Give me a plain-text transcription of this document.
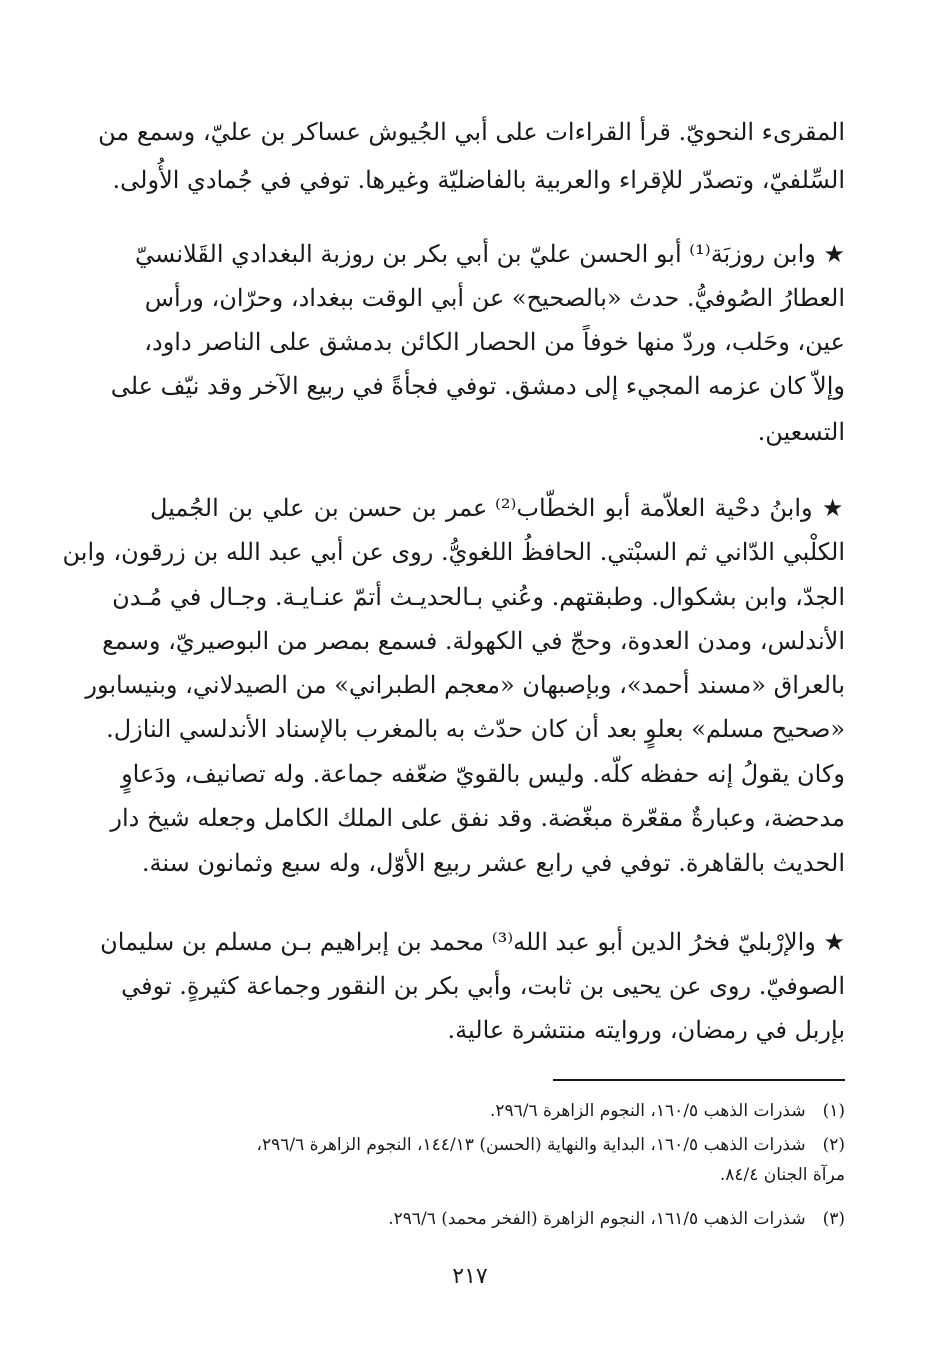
المقرىء النحويّ. قرأ القراءات على أبي الجُيوش عساكر بن عليّ، وسمع من
السِّلفيّ، وتصدّر للإقراء والعربية بالفاضليّة وغيرها. توفي في جُمادي الأُولى.
★ وابن روزبَة⁽¹⁾ أبو الحسن عليّ بن أبي بكر بن روزبة البغدادي القَلانسيّ
العطارُ الصُوفيُّ. حدث «بالصحيح» عن أبي الوقت ببغداد، وحرّان، ورأس
عين، وحَلب، وردّ منها خوفاً من الحصار الكائن بدمشق على الناصر داود،
وإلاّ كان عزمه المجيء إلى دمشق. توفي فجأةً في ربيع الآخر وقد نيّف على
التسعين.
★ وابنُ دحْية العلاّمة أبو الخطّاب⁽²⁾ عمر بن حسن بن علي بن الجُميل
الكلْبي الدّاني ثم السبْتي. الحافظُ اللغويُّ. روى عن أبي عبد الله بن زرقون، وابن
الجدّ، وابن بشكوال. وطبقتهم. وعُني بـالحديـث أتمّ عنـايـة. وجـال في مُـدن
الأندلس، ومدن العدوة، وحجّ في الكهولة. فسمع بمصر من البوصيريّ، وسمع
بالعراق «مسند أحمد»، وبإصبهان «معجم الطبراني» من الصيدلاني، وبنيسابور
«صحيح مسلم» بعلوٍ بعد أن كان حدّث به بالمغرب بالإسناد الأندلسي النازل.
وكان يقولُ إنه حفظه كلّه. وليس بالقويّ ضعّفه جماعة. وله تصانيف، ودَعاوٍ
مدحضة، وعبارةٌ مقعّرة مبغّضة. وقد نفق على الملك الكامل وجعله شيخ دار
الحديث بالقاهرة. توفي في رابع عشر ربيع الأوّل، وله سبع وثمانون سنة.
★ والإرْبليّ فخرُ الدين أبو عبد الله⁽³⁾ محمد بن إبراهيم بـن مسلم بن سليمان
الصوفيّ. روى عن يحيى بن ثابت، وأبي بكر بن النقور وجماعة كثيرةٍ. توفي
بإربل في رمضان، وروايته منتشرة عالية.
(١) شذرات الذهب ١٦٠/٥، النجوم الزاهرة ٢٩٦/٦.
(٢) شذرات الذهب ١٦٠/٥، البداية والنهاية (الحسن) ١٤٤/١٣، النجوم الزاهرة ٢٩٦/٦،
مرآة الجنان ٨٤/٤.
(٣) شذرات الذهب ١٦١/٥، النجوم الزاهرة (الفخر محمد) ٢٩٦/٦.
٢١٧
